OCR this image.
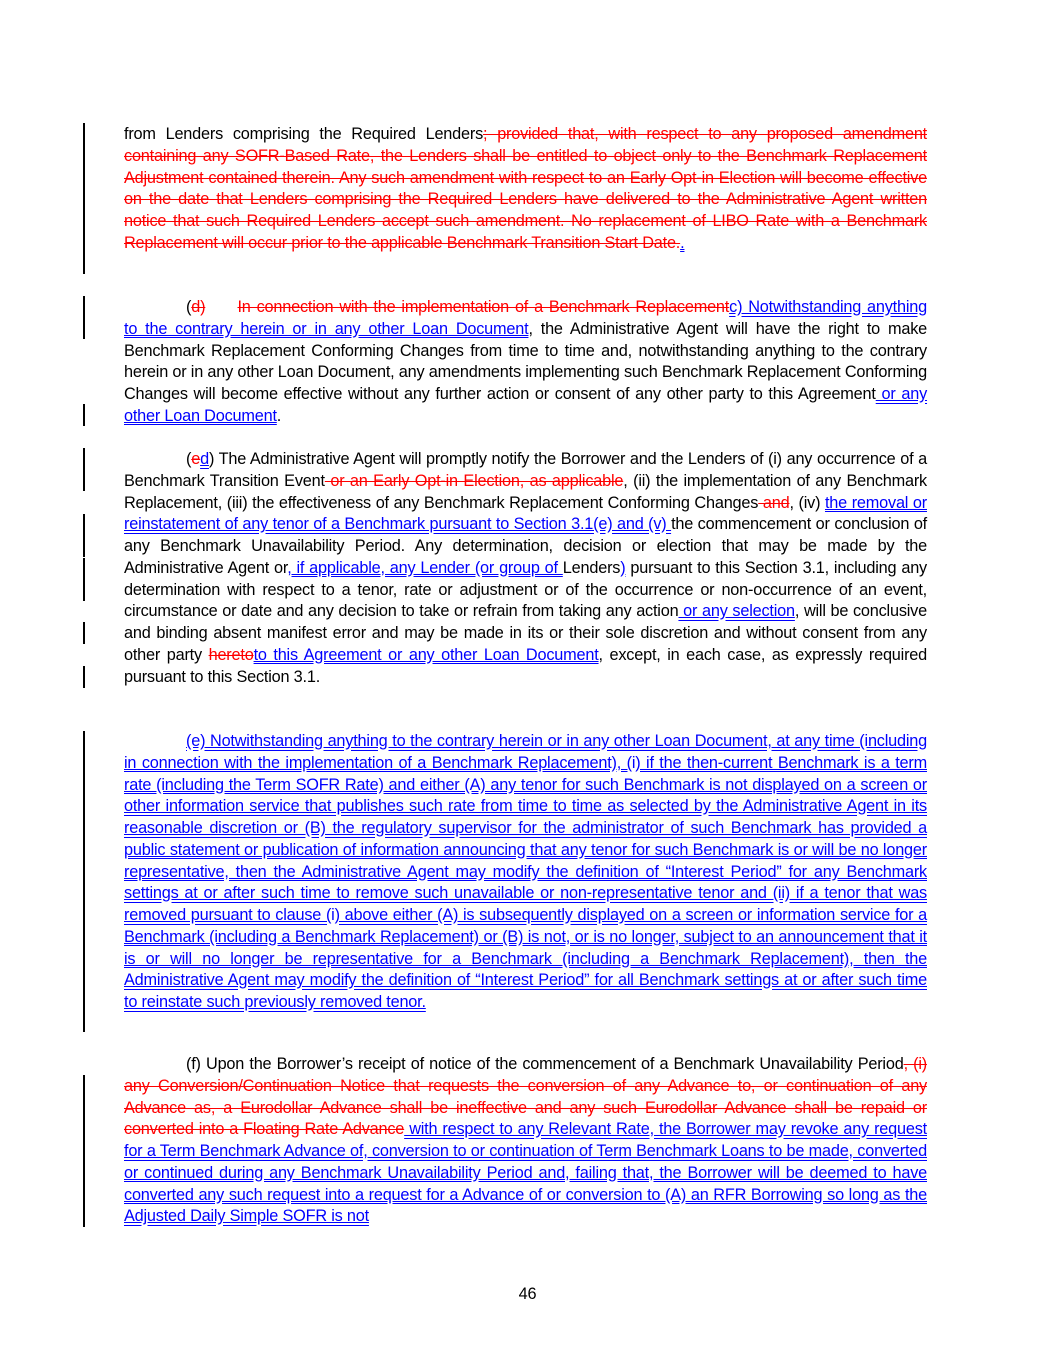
from Lenders comprising the Required Lenders; provided that, with respect to any proposed amendment containing any SOFR-Based Rate, the Lenders shall be entitled to object only to the Benchmark Replacement Adjustment contained therein. Any such amendment with respect to an Early Opt-in Election will become effective on the date that Lenders comprising the Required Lenders have delivered to the Administrative Agent written notice that such Required Lenders accept such amendment. No replacement of LIBO Rate with a Benchmark Replacement will occur prior to the applicable Benchmark Transition Start Date..

(d)   In connection with the implementation of a Benchmark Replacementc) Notwithstanding anything to the contrary herein or in any other Loan Document, the Administrative Agent will have the right to make Benchmark Replacement Conforming Changes from time to time and, notwithstanding anything to the contrary herein or in any other Loan Document, any amendments implementing such Benchmark Replacement Conforming Changes will become effective without any further action or consent of any other party to this Agreement or any other Loan Document.

(ed) The Administrative Agent will promptly notify the Borrower and the Lenders of (i) any occurrence of a Benchmark Transition Event or an Early Opt-in Election, as applicable, (ii) the implementation of any Benchmark Replacement, (iii) the effectiveness of any Benchmark Replacement Conforming Changes and, (iv) the removal or reinstatement of any tenor of a Benchmark pursuant to Section 3.1(e) and (v) the commencement or conclusion of any Benchmark Unavailability Period. Any determination, decision or election that may be made by the Administrative Agent or, if applicable, any Lender (or group of Lenders) pursuant to this Section 3.1, including any determination with respect to a tenor, rate or adjustment or of the occurrence or non-occurrence of an event, circumstance or date and any decision to take or refrain from taking any action or any selection, will be conclusive and binding absent manifest error and may be made in its or their sole discretion and without consent from any other party heretoto this Agreement or any other Loan Document, except, in each case, as expressly required pursuant to this Section 3.1.

(e) Notwithstanding anything to the contrary herein or in any other Loan Document, at any time (including in connection with the implementation of a Benchmark Replacement), (i) if the then-current Benchmark is a term rate (including the Term SOFR Rate) and either (A) any tenor for such Benchmark is not displayed on a screen or other information service that publishes such rate from time to time as selected by the Administrative Agent in its reasonable discretion or (B) the regulatory supervisor for the administrator of such Benchmark has provided a public statement or publication of information announcing that any tenor for such Benchmark is or will be no longer representative, then the Administrative Agent may modify the definition of “Interest Period” for any Benchmark settings at or after such time to remove such unavailable or non-representative tenor and (ii) if a tenor that was removed pursuant to clause (i) above either (A) is subsequently displayed on a screen or information service for a Benchmark (including a Benchmark Replacement) or (B) is not, or is no longer, subject to an announcement that it is or will no longer be representative for a Benchmark (including a Benchmark Replacement), then the Administrative Agent may modify the definition of “Interest Period” for all Benchmark settings at or after such time to reinstate such previously removed tenor.

(f) Upon the Borrower’s receipt of notice of the commencement of a Benchmark Unavailability Period, (i) any Conversion/Continuation Notice that requests the conversion of any Advance to, or continuation of any Advance as, a Eurodollar Advance shall be ineffective and any such Eurodollar Advance shall be repaid or converted into a Floating Rate Advance with respect to any Relevant Rate, the Borrower may revoke any request for a Term Benchmark Advance of, conversion to or continuation of Term Benchmark Loans to be made, converted or continued during any Benchmark Unavailability Period and, failing that, the Borrower will be deemed to have converted any such request into a request for a Advance of or conversion to (A) an RFR Borrowing so long as the Adjusted Daily Simple SOFR is not

46
